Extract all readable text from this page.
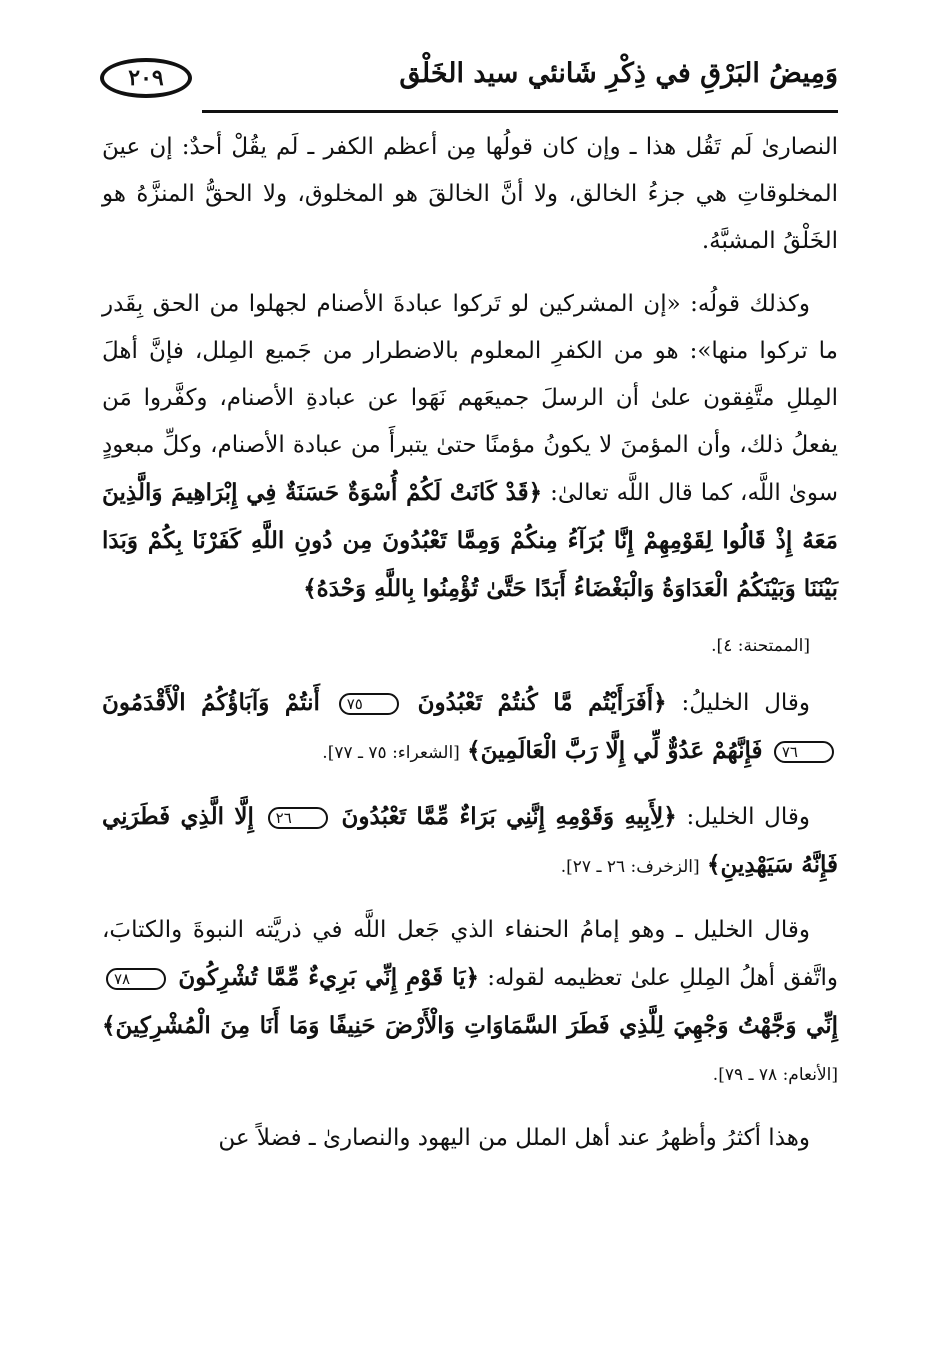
وَمِيضُ البَرْقِ في ذِكْرِ شَانئي سيد الخَلْق
٢٠٩

النصارىٰ لَم تَقُل هذا ـ وإن كان قولُها مِن أعظم الكفر ـ لَم يقُلْ أحدٌ: إن عينَ المخلوقاتِ هي جزءُ الخالق، ولا أنَّ الخالقَ هو المخلوق، ولا الحقُّ المنزَّهُ هو الخَلْقُ المشبَّهُ.

وكذلك قولُه: «إن المشركين لو تَركوا عبادةَ الأصنام لجهلوا من الحق بِقَدر ما تركوا منها»: هو من الكفرِ المعلوم بالاضطرار من جَميع المِلل، فإنَّ أهلَ المِللِ متَّفِقون علىٰ أن الرسلَ جميعَهم نَهَوا عن عبادةِ الأصنام، وكفَّروا مَن يفعلُ ذلك، وأن المؤمنَ لا يكونُ مؤمنًا حتىٰ يتبرأَ من عبادة الأصنام، وكلِّ مبعودٍ سوىٰ اللَّه، كما قال اللَّه تعالىٰ: ﴿قَدْ كَانَتْ لَكُمْ أُسْوَةٌ حَسَنَةٌ فِي إِبْرَاهِيمَ وَالَّذِينَ مَعَهُ إِذْ قَالُوا لِقَوْمِهِمْ إِنَّا بُرَآءُ مِنكُمْ وَمِمَّا تَعْبُدُونَ مِن دُونِ اللَّهِ كَفَرْنَا بِكُمْ وَبَدَا بَيْنَنَا وَبَيْنَكُمُ الْعَدَاوَةُ وَالْبَغْضَاءُ أَبَدًا حَتَّىٰ تُؤْمِنُوا بِاللَّهِ وَحْدَهُ﴾

[الممتحنة: ٤].

وقال الخليلُ: ﴿أَفَرَأَيْتُم مَّا كُنتُمْ تَعْبُدُونَ ٧٥ أَنتُمْ وَآبَاؤُكُمُ الْأَقْدَمُونَ ٧٦ فَإِنَّهُمْ عَدُوٌّ لِّي إِلَّا رَبَّ الْعَالَمِينَ﴾ [الشعراء: ٧٥ ـ ٧٧].

وقال الخليل: ﴿لِأَبِيهِ وَقَوْمِهِ إِنَّنِي بَرَاءٌ مِّمَّا تَعْبُدُونَ ٢٦ إِلَّا الَّذِي فَطَرَنِي فَإِنَّهُ سَيَهْدِينِ﴾ [الزخرف: ٢٦ ـ ٢٧].

وقال الخليل ـ وهو إمامُ الحنفاء الذي جَعل اللَّه في ذريَّته النبوةَ والكتابَ، واتَّفق أهلُ المِللِ علىٰ تعظيمه لقوله: ﴿يَا قَوْمِ إِنِّي بَرِيءٌ مِّمَّا تُشْرِكُونَ ٧٨ إِنِّي وَجَّهْتُ وَجْهِيَ لِلَّذِي فَطَرَ السَّمَاوَاتِ وَالْأَرْضَ حَنِيفًا وَمَا أَنَا مِنَ الْمُشْرِكِينَ﴾ [الأنعام: ٧٨ ـ ٧٩].

وهذا أكثرُ وأظهرُ عند أهل الملل من اليهود والنصارىٰ ـ فضلاً عن
